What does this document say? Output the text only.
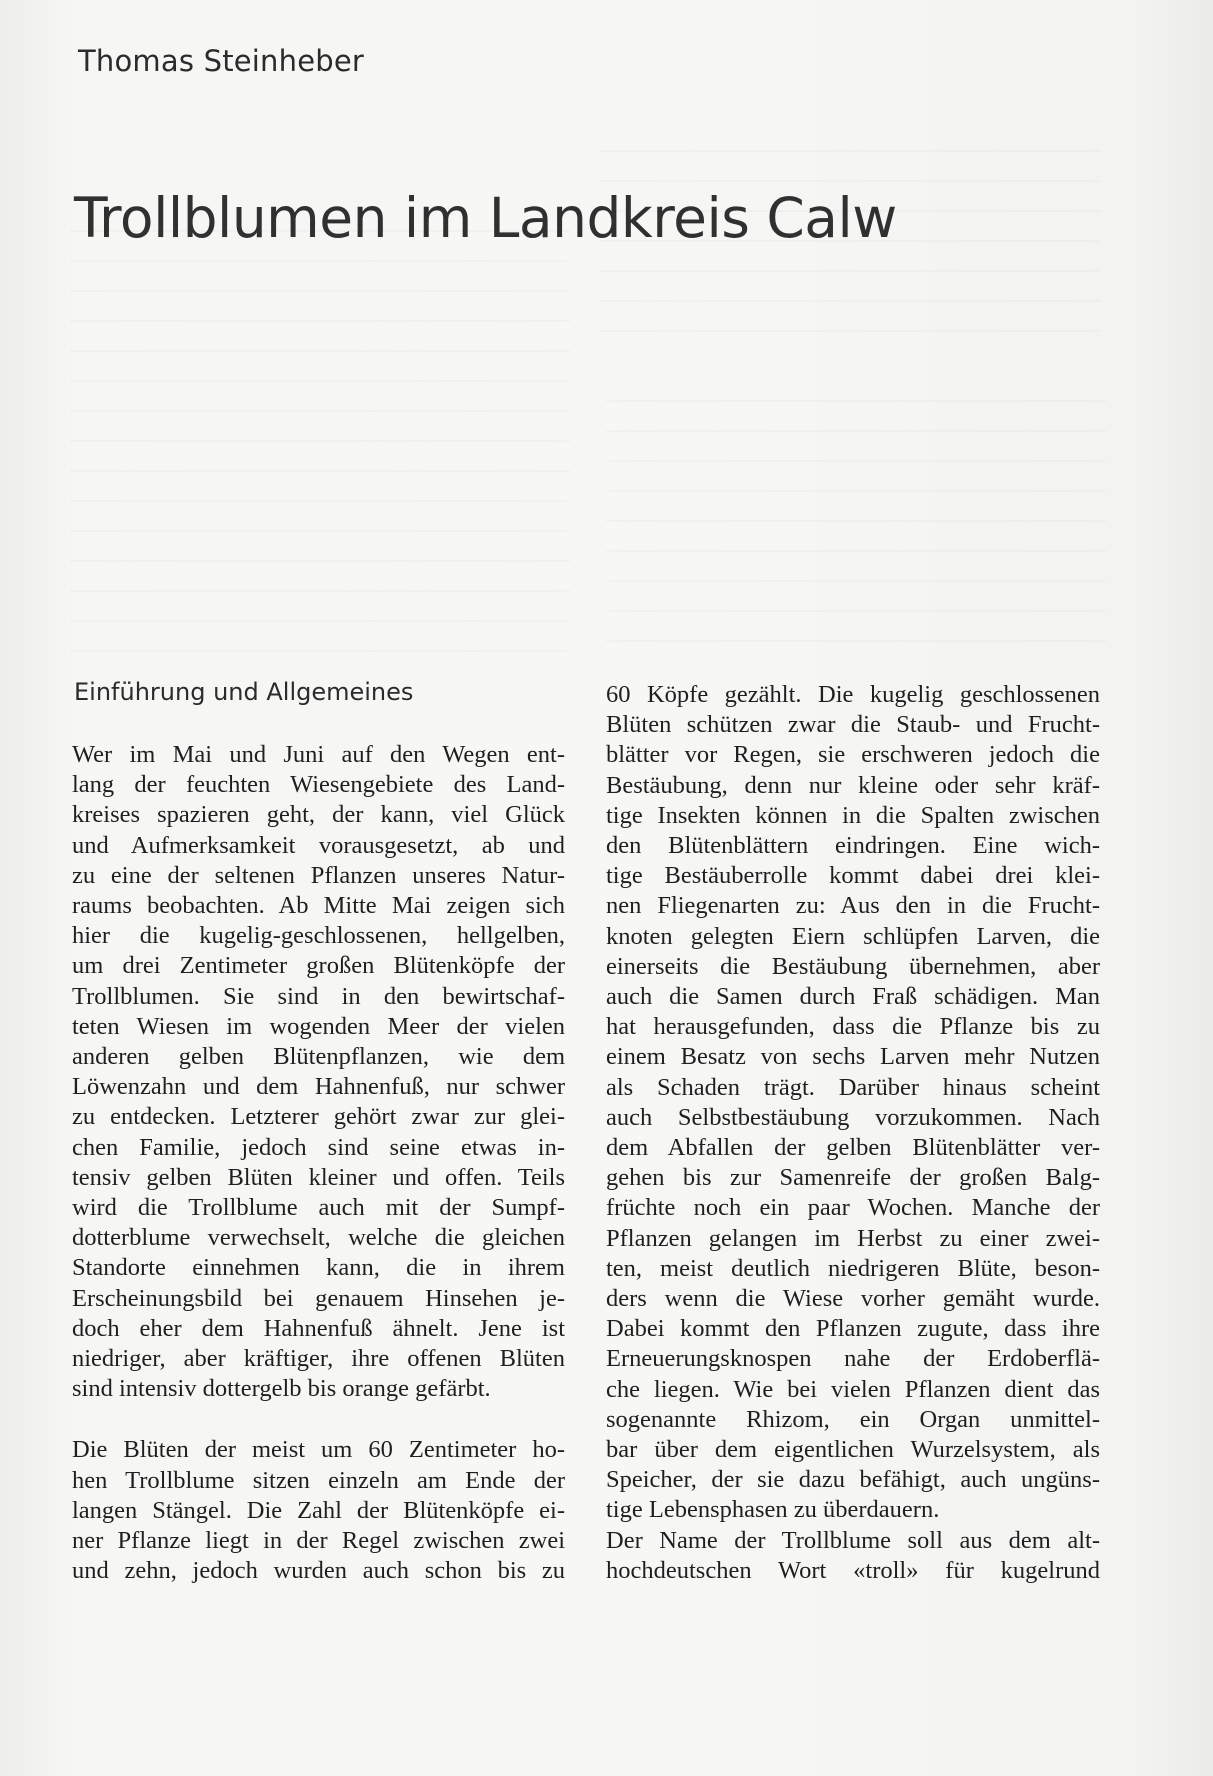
Thomas Steinheber
Trollblumen im Landkreis Calw
Einführung und Allgemeines

Wer im Mai und Juni auf den Wegen ent-
lang der feuchten Wiesengebiete des Land-
kreises spazieren geht, der kann, viel Glück
und Aufmerksamkeit vorausgesetzt, ab und
zu eine der seltenen Pflanzen unseres Natur-
raums beobachten. Ab Mitte Mai zeigen sich
hier die kugelig-geschlossenen, hellgelben,
um drei Zentimeter großen Blütenköpfe der
Trollblumen. Sie sind in den bewirtschaf-
teten Wiesen im wogenden Meer der vielen
anderen gelben Blütenpflanzen, wie dem
Löwenzahn und dem Hahnenfuß, nur schwer
zu entdecken. Letzterer gehört zwar zur glei-
chen Familie, jedoch sind seine etwas in-
tensiv gelben Blüten kleiner und offen. Teils
wird die Trollblume auch mit der Sumpf-
dotterblume verwechselt, welche die gleichen
Standorte einnehmen kann, die in ihrem
Erscheinungsbild bei genauem Hinsehen je-
doch eher dem Hahnenfuß ähnelt. Jene ist
niedriger, aber kräftiger, ihre offenen Blüten
sind intensiv dottergelb bis orange gefärbt.

Die Blüten der meist um 60 Zentimeter ho-
hen Trollblume sitzen einzeln am Ende der
langen Stängel. Die Zahl der Blütenköpfe ei-
ner Pflanze liegt in der Regel zwischen zwei
und zehn, jedoch wurden auch schon bis zu

60 Köpfe gezählt. Die kugelig geschlossenen
Blüten schützen zwar die Staub- und Frucht-
blätter vor Regen, sie erschweren jedoch die
Bestäubung, denn nur kleine oder sehr kräf-
tige Insekten können in die Spalten zwischen
den Blütenblättern eindringen. Eine wich-
tige Bestäuberrolle kommt dabei drei klei-
nen Fliegenarten zu: Aus den in die Frucht-
knoten gelegten Eiern schlüpfen Larven, die
einerseits die Bestäubung übernehmen, aber
auch die Samen durch Fraß schädigen. Man
hat herausgefunden, dass die Pflanze bis zu
einem Besatz von sechs Larven mehr Nutzen
als Schaden trägt. Darüber hinaus scheint
auch Selbstbestäubung vorzukommen. Nach
dem Abfallen der gelben Blütenblätter ver-
gehen bis zur Samenreife der großen Balg-
früchte noch ein paar Wochen. Manche der
Pflanzen gelangen im Herbst zu einer zwei-
ten, meist deutlich niedrigeren Blüte, beson-
ders wenn die Wiese vorher gemäht wurde.
Dabei kommt den Pflanzen zugute, dass ihre
Erneuerungsknospen nahe der Erdoberflä-
che liegen. Wie bei vielen Pflanzen dient das
sogenannte Rhizom, ein Organ unmittel-
bar über dem eigentlichen Wurzelsystem, als
Speicher, der sie dazu befähigt, auch ungüns-
tige Lebensphasen zu überdauern.
Der Name der Trollblume soll aus dem alt-
hochdeutschen Wort «troll» für kugelrund
